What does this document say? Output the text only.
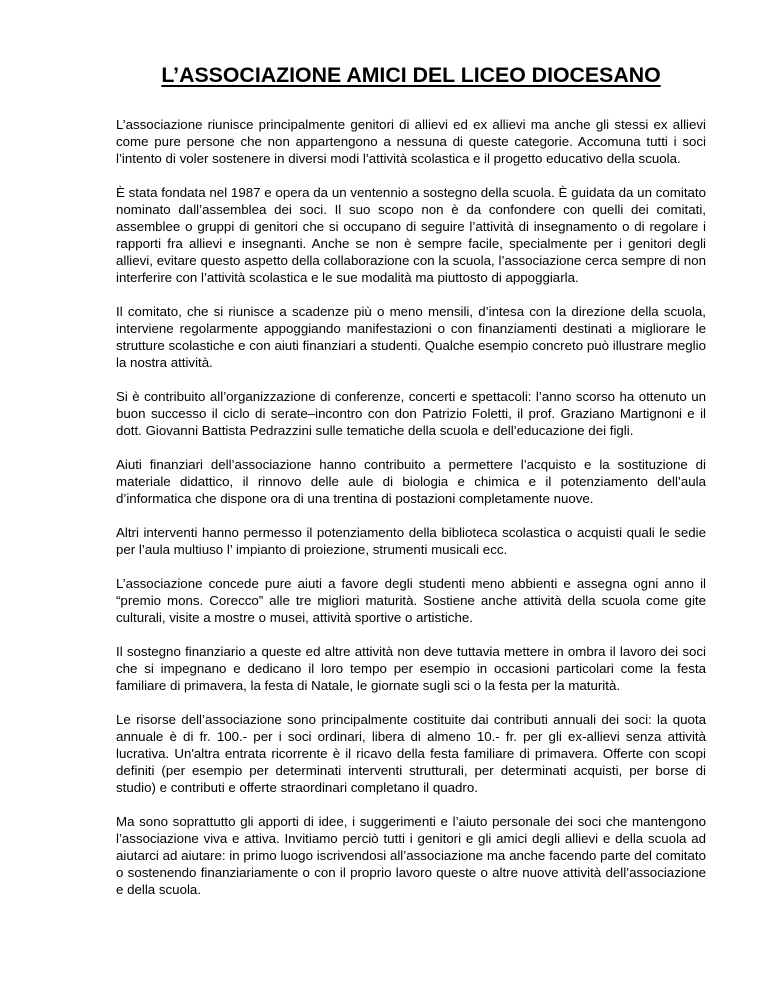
L’ASSOCIAZIONE AMICI DEL LICEO DIOCESANO

L’associazione riunisce principalmente genitori di allievi ed ex allievi ma anche gli stessi ex allievi come pure persone che non appartengono a nessuna di queste categorie. Accomuna tutti i soci l’intento di voler sostenere in diversi modi l’attività scolastica e il progetto educativo della scuola.

È stata fondata nel 1987 e opera da un ventennio a sostegno della scuola. È guidata da un comitato nominato dall’assemblea dei soci. Il suo scopo non è da confondere con quelli dei comitati, assemblee o gruppi di genitori che si occupano di seguire l’attività di insegnamento o di regolare i rapporti fra allievi e insegnanti. Anche se non è sempre facile, specialmente per i genitori degli allievi, evitare questo aspetto della collaborazione con la scuola, l’associazione cerca sempre di non interferire con l’attività scolastica e le sue modalità ma piuttosto di appoggiarla.

Il comitato, che si riunisce a scadenze più o meno mensili, d’intesa con la direzione della scuola, interviene regolarmente appoggiando manifestazioni o con finanziamenti destinati a migliorare le strutture scolastiche e con aiuti finanziari a studenti. Qualche esempio concreto può illustrare meglio la nostra attività.

Si è contribuito all’organizzazione di conferenze, concerti e spettacoli: l’anno scorso ha ottenuto un buon successo il ciclo di serate–incontro con don Patrizio Foletti, il prof. Graziano Martignoni e il dott. Giovanni Battista Pedrazzini sulle tematiche della scuola e dell’educazione dei figli.

Aiuti finanziari dell’associazione hanno contribuito a permettere l’acquisto e la sostituzione di materiale didattico, il rinnovo delle aule di biologia e chimica e il potenziamento dell’aula d’informatica che dispone ora di una trentina di postazioni completamente nuove.

Altri interventi hanno permesso il potenziamento della biblioteca scolastica o acquisti quali le sedie per l’aula multiuso l’ impianto di proiezione, strumenti musicali ecc.

L’associazione concede pure aiuti a favore degli studenti meno abbienti e assegna ogni anno il “premio mons. Corecco” alle tre migliori maturità. Sostiene anche attività della scuola come gite culturali, visite a mostre o musei, attività sportive o artistiche.

Il sostegno finanziario a queste ed altre attività non deve tuttavia mettere in ombra il lavoro dei soci che si impegnano e dedicano il loro tempo per esempio in occasioni particolari come la festa familiare di primavera, la festa di Natale, le giornate sugli sci o la festa per la maturità.

Le risorse dell’associazione sono principalmente costituite dai contributi annuali dei soci: la quota annuale è di fr. 100.- per i soci ordinari, libera di almeno 10.- fr. per gli ex-allievi senza attività lucrativa. Un'altra entrata ricorrente è il ricavo della festa familiare di primavera. Offerte con scopi definiti (per esempio per determinati interventi strutturali, per determinati acquisti, per borse di studio) e contributi e offerte straordinari completano il quadro.

Ma sono soprattutto gli apporti di idee, i suggerimenti e l’aiuto personale dei soci che mantengono l’associazione viva e attiva. Invitiamo perciò tutti i genitori e gli amici degli allievi e della scuola ad aiutarci ad aiutare: in primo luogo iscrivendosi all’associazione ma anche facendo parte del comitato o sostenendo finanziariamente o con il proprio lavoro queste o altre nuove attività dell’associazione e della scuola.
